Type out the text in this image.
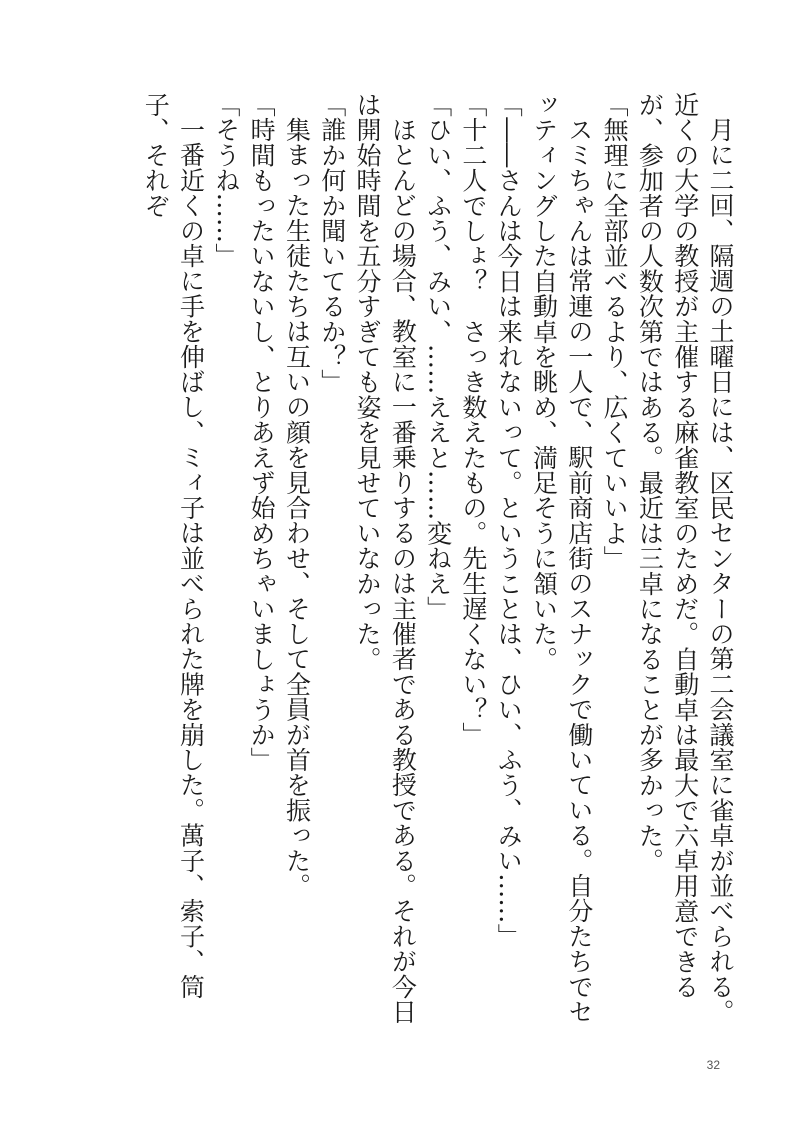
月に二回、隔週の土曜日には、区民センターの第二会議室に雀卓が並べられる。近くの大学の教授が主催する麻雀教室のためだ。自動卓は最大で六卓用意できるが、参加者の人数次第ではある。最近は三卓になることが多かった。

「無理に全部並べるより、広くていいよ」

スミちゃんは常連の一人で、駅前商店街のスナックで働いている。自分たちでセッティングした自動卓を眺め、満足そうに頷いた。

「――さんは今日は来れないって。ということは、ひい、ふう、みい……」

「十二人でしょ？　さっき数えたもの。先生遅くない？」

「ひい、ふう、みい、……ええと……変ねえ」

ほとんどの場合、教室に一番乗りするのは主催者である教授である。それが今日は開始時間を五分すぎても姿を見せていなかった。

「誰か何か聞いてるか？」

集まった生徒たちは互いの顔を見合わせ、そして全員が首を振った。

「時間もったいないし、とりあえず始めちゃいましょうか」

「そうね……」

一番近くの卓に手を伸ばし、ミィ子は並べられた牌を崩した。萬子、索子、筒子、それぞ

32
